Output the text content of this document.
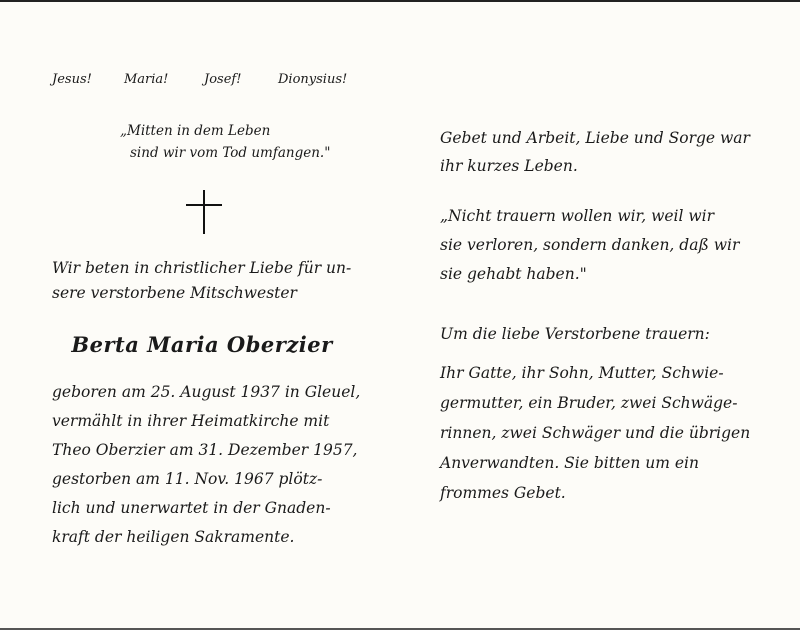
Jesus! Maria!	Josef!	Dionysius!
„Mitten in dem Leben
sind wir vom Tod umfangen."
Wir beten in christlicher Liebe für un-
sere verstorbene Mitschwester
Berta Maria Oberzier
geboren am 25. August 1937 in Gleuel,
vermählt in ihrer Heimatkirche mit
Theo Oberzier am 31. Dezember 1957,
gestorben am 11. Nov. 1967 plötz-
lich und unerwartet in der Gnaden-
kraft der heiligen Sakramente.
Gebet und Arbeit, Liebe und Sorge war
ihr kurzes Leben.
„Nicht trauern wollen wir, weil wir
sie verloren, sondern danken, daß wir
sie gehabt haben."
Um die liebe Verstorbene trauern:
Ihr Gatte, ihr Sohn, Mutter, Schwie-
germutter, ein Bruder, zwei Schwäge-
rinnen, zwei Schwäger und die übrigen
Anverwandten. Sie bitten um ein
frommes Gebet.
